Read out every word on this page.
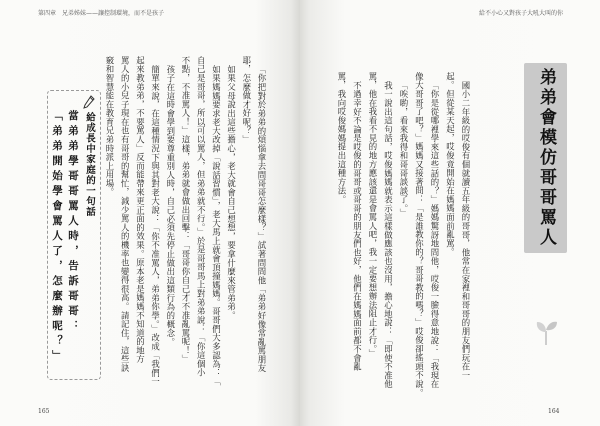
第四章　兄弟姊妹——讓控制環境，而不是孩子	給不小心又對孩子大吼大叫的你
弟弟會模仿哥哥罵人
國小二年級的哎俊有個就讀五年級的哥哥，他常在家裡和哥哥的朋友們玩在一
起。但從某天起，哎俊竟開始在媽媽面前亂罵。
「你是從哪裡學來這些話的？」媽媽驚訝地問他，哎俊一臉得意地說：「我現在
像大哥哥了吧？」媽媽又接著問：「是誰教你的？哥哥教的嗎？」哎俊卻搖頭不說。
「唉喲，看來我得和哥哥談談了。」
我一說出這句話，哎俊媽媽就表示這樣做應該也沒用，擔心地說：「即使不准他
罵，他在我看不見的地方應該還是會罵人吧，我一定要想辦法阻止才行。」
不過幸好不論是哎俊的哥哥或哥哥的朋友們也好，他們在媽媽面前都不會亂
罵，我向哎俊媽媽提出這種方法。
「你把對於弟弟的煩惱拿去問哥哥怎麼樣？」試著問問他「弟弟好像常亂罵朋友
耶，怎麼做才好呢？」
如果父母說出這些擔心，老大就會自己想想，要拿什麼來管弟弟。
如果媽媽要求老大改掉「說話習慣」，老大馬上就會頂撞媽媽。哥哥們大多認為：「
自己是哥哥，所以可以罵人，但弟弟就不行。」於是哥哥馬上對弟弟說：「你這個小
不點，不准罵人！」這樣，弟弟就會做出回擊：「哥哥你自己才不准亂罵呢！」
孩子在這時會學到要尊重別人時，自己必須先停止做出這類行為的概念。
簡單來說，在這種情況下與其對老大說：「你不准罵人，弟弟你學。」改成「我們一
起來教弟弟，不要罵人」反而能帶來更正面的效果。原本老是媽媽不知道的地方
罵人的小兒子現在也有哥哥的幫忙，減少罵人的機率也變得很高。請記住，這些訣
竅和智慧能在教育兄弟時派上用場。
給成長中家庭的一句話
當弟弟學哥哥罵人時，告訴哥哥：
「弟弟開始學會罵人了，怎麼辦呢？」
165	164
